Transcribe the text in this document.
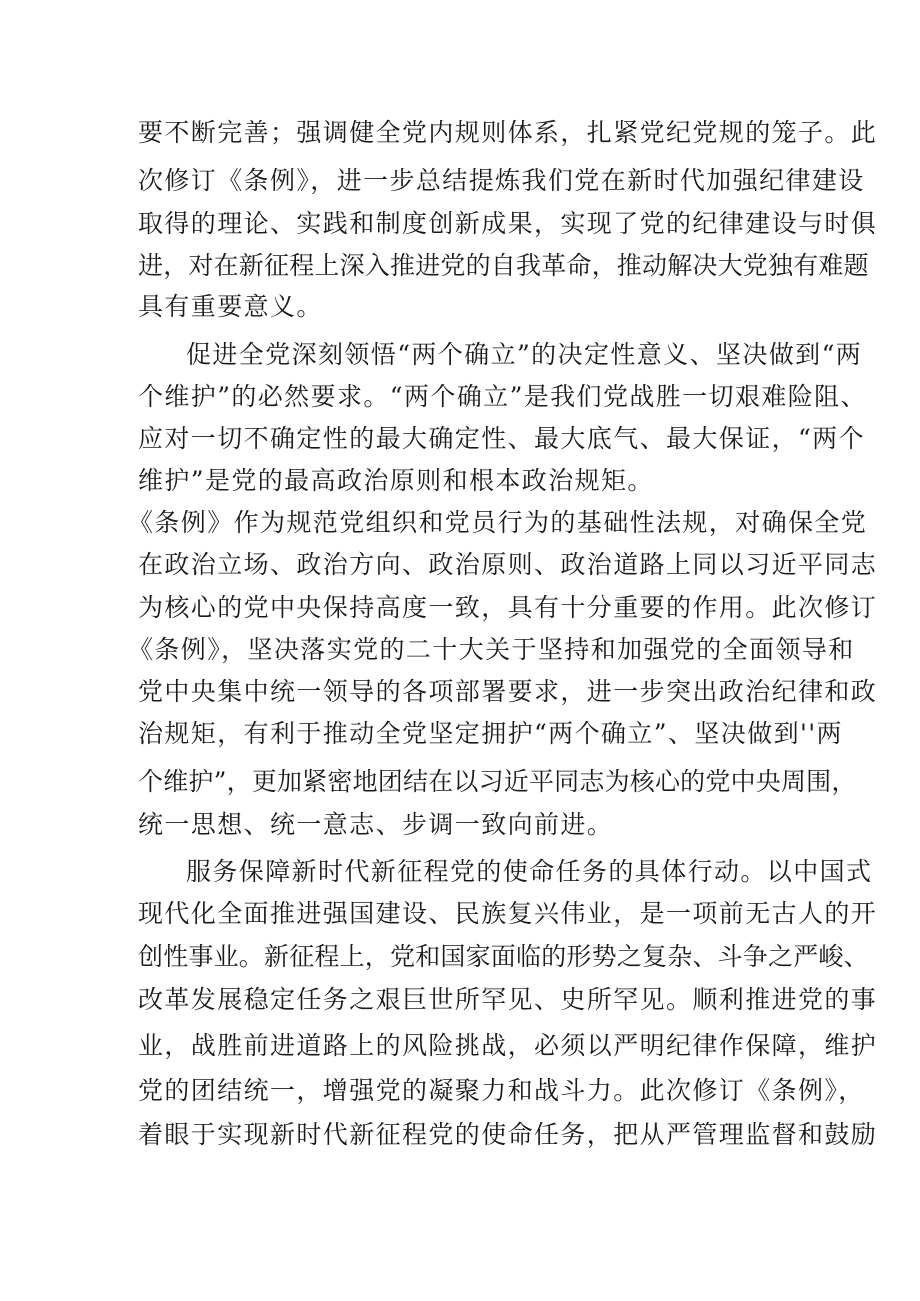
要不断完善；强调健全党内规则体系，扎紧党纪党规的笼子。此
次修订《条例》，进一步总结提炼我们党在新时代加强纪律建设
取得的理论、实践和制度创新成果，实现了党的纪律建设与时俱
进，对在新征程上深入推进党的自我革命，推动解决大党独有难题
具有重要意义。
促进全党深刻领悟“两个确立”的决定性意义、坚决做到“两
个维护”的必然要求。“两个确立”是我们党战胜一切艰难险阻、
应对一切不确定性的最大确定性、最大底气、最大保证，“两个
维护”是党的最高政治原则和根本政治规矩。
《条例》作为规范党组织和党员行为的基础性法规，对确保全党
在政治立场、政治方向、政治原则、政治道路上同以习近平同志
为核心的党中央保持高度一致，具有十分重要的作用。此次修订
《条例》，坚决落实党的二十大关于坚持和加强党的全面领导和
党中央集中统一领导的各项部署要求，进一步突出政治纪律和政
治规矩，有利于推动全党坚定拥护“两个确立”、坚决做到''两
个维护”，更加紧密地团结在以习近平同志为核心的党中央周围，
统一思想、统一意志、步调一致向前进。
服务保障新时代新征程党的使命任务的具体行动。以中国式
现代化全面推进强国建设、民族复兴伟业，是一项前无古人的开
创性事业。新征程上，党和国家面临的形势之复杂、斗争之严峻、
改革发展稳定任务之艰巨世所罕见、史所罕见。顺利推进党的事
业，战胜前进道路上的风险挑战，必须以严明纪律作保障，维护
党的团结统一，增强党的凝聚力和战斗力。此次修订《条例》，
着眼于实现新时代新征程党的使命任务，把从严管理监督和鼓励
